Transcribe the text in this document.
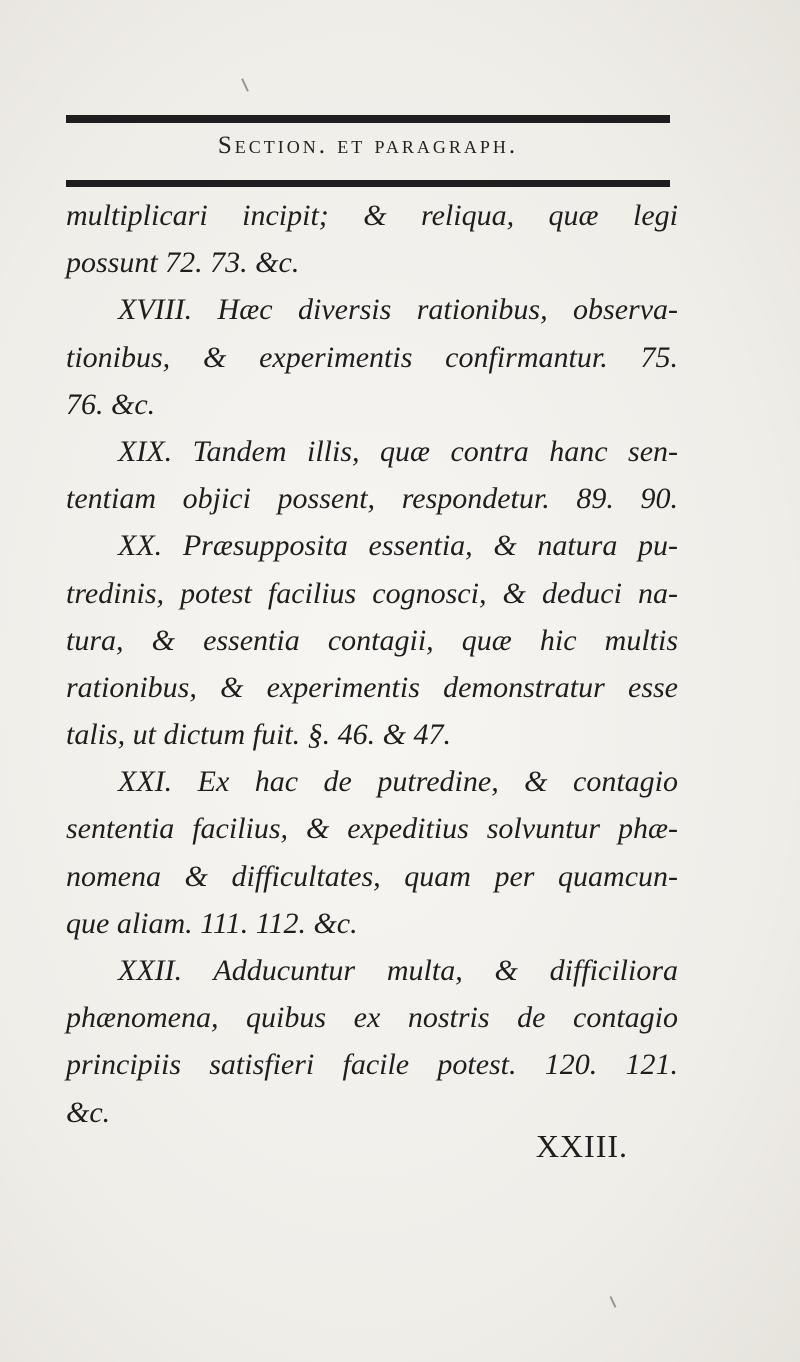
Section. et paragraph.
multiplicari incipit; & reliqua, quæ legi
possunt 72. 73. &c.
XVIII. Hæc diversis rationibus, observa-
tionibus, & experimentis confirmantur. 75.
76. &c.
XIX. Tandem illis, quæ contra hanc sen-
tentiam objici possent, respondetur. 89. 90.
XX. Præsupposita essentia, & natura pu-
tredinis, potest facilius cognosci, & deduci na-
tura, & essentia contagii, quæ hic multis
rationibus, & experimentis demonstratur esse
talis, ut dictum fuit. §. 46. & 47.
XXI. Ex hac de putredine, & contagio
sententia facilius, & expeditius solvuntur phæ-
nomena & difficultates, quam per quamcun-
que aliam. 111. 112. &c.
XXII. Adducuntur multa, & difficiliora
phænomena, quibus ex nostris de contagio
principiis satisfieri facile potest. 120. 121.
&c.
XXIII.
